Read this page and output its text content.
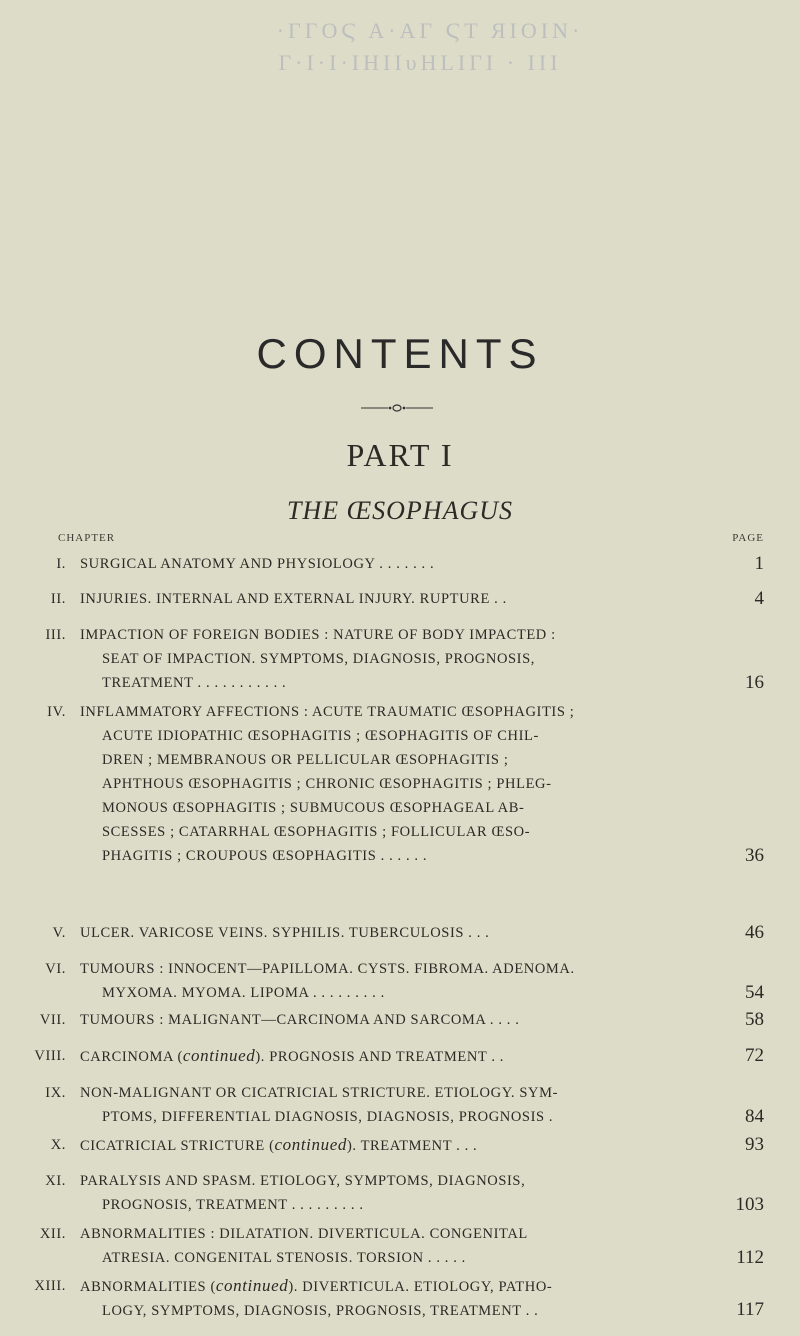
·ΓΓΟϚ Α·ΑΓ ϚΤ ЯΙΟΙΝ·
Γ·Ι·Ι·ΙΗΙΙυΗLΙΓΙ · ΙΙΙ
CONTENTS
PART I
THE ŒSOPHAGUS
CHAPTER	PAGE
I. SURGICAL ANATOMY AND PHYSIOLOGY . . . . . . .	1
II. INJURIES. INTERNAL AND EXTERNAL INJURY. RUPTURE . .	4
III. IMPACTION OF FOREIGN BODIES : NATURE OF BODY IMPACTED :
SEAT OF IMPACTION. SYMPTOMS, DIAGNOSIS, PROGNOSIS,
TREATMENT . . . . . . . . . . .	16
IV. INFLAMMATORY AFFECTIONS : ACUTE TRAUMATIC ŒSOPHAGITIS ;
ACUTE IDIOPATHIC ŒSOPHAGITIS ; ŒSOPHAGITIS OF CHIL-
DREN ; MEMBRANOUS OR PELLICULAR ŒSOPHAGITIS ;
APHTHOUS ŒSOPHAGITIS ; CHRONIC ŒSOPHAGITIS ; PHLEG-
MONOUS ŒSOPHAGITIS ; SUBMUCOUS ŒSOPHAGEAL AB-
SCESSES ; CATARRHAL ŒSOPHAGITIS ; FOLLICULAR ŒSO-
PHAGITIS ; CROUPOUS ŒSOPHAGITIS . . . . . .	36
V. ULCER. VARICOSE VEINS. SYPHILIS. TUBERCULOSIS . . .	46
VI. TUMOURS : INNOCENT—PAPILLOMA. CYSTS. FIBROMA. ADENOMA.
MYXOMA. MYOMA. LIPOMA . . . . . . . . .	54
VII. TUMOURS : MALIGNANT—CARCINOMA AND SARCOMA . . . .	58
VIII. CARCINOMA (continued). PROGNOSIS AND TREATMENT . .	72
IX. NON-MALIGNANT OR CICATRICIAL STRICTURE. ETIOLOGY. SYM-
PTOMS, DIFFERENTIAL DIAGNOSIS, DIAGNOSIS, PROGNOSIS .	84
X. CICATRICIAL STRICTURE (continued). TREATMENT . . .	93
XI. PARALYSIS AND SPASM. ETIOLOGY, SYMPTOMS, DIAGNOSIS,
PROGNOSIS, TREATMENT . . . . . . . . .	103
XII. ABNORMALITIES : DILATATION. DIVERTICULA. CONGENITAL
ATRESIA. CONGENITAL STENOSIS. TORSION . . . . .	112
XIII. ABNORMALITIES (continued). DIVERTICULA. ETIOLOGY, PATHO-
LOGY, SYMPTOMS, DIAGNOSIS, PROGNOSIS, TREATMENT . .	117
